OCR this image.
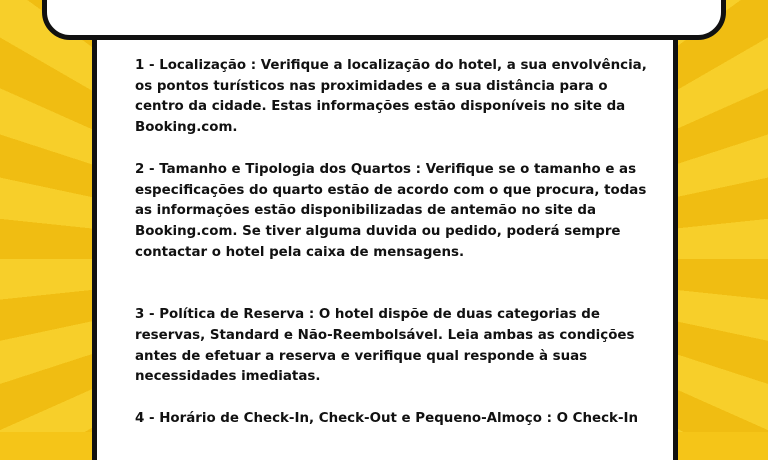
1 - Localização : Verifique a localização do hotel, a sua envolvência, os pontos turísticos nas proximidades e a sua distância para o centro da cidade. Estas informações estão disponíveis no site da Booking.com.

2 - Tamanho e Tipologia dos Quartos : Verifique se o tamanho e as especificações do quarto estão de acordo com o que procura, todas as informações estão disponibilizadas de antemão no site da Booking.com. Se tiver alguma duvida ou pedido, poderá sempre contactar o hotel pela caixa de mensagens.

3 - Política de Reserva : O hotel dispõe de duas categorias de reservas, Standard e Não-Reembolsável. Leia ambas as condições antes de efetuar a reserva e verifique qual responde à suas necessidades imediatas.

4 - Horário de Check-In, Check-Out e Pequeno-Almoço : O Check-In
